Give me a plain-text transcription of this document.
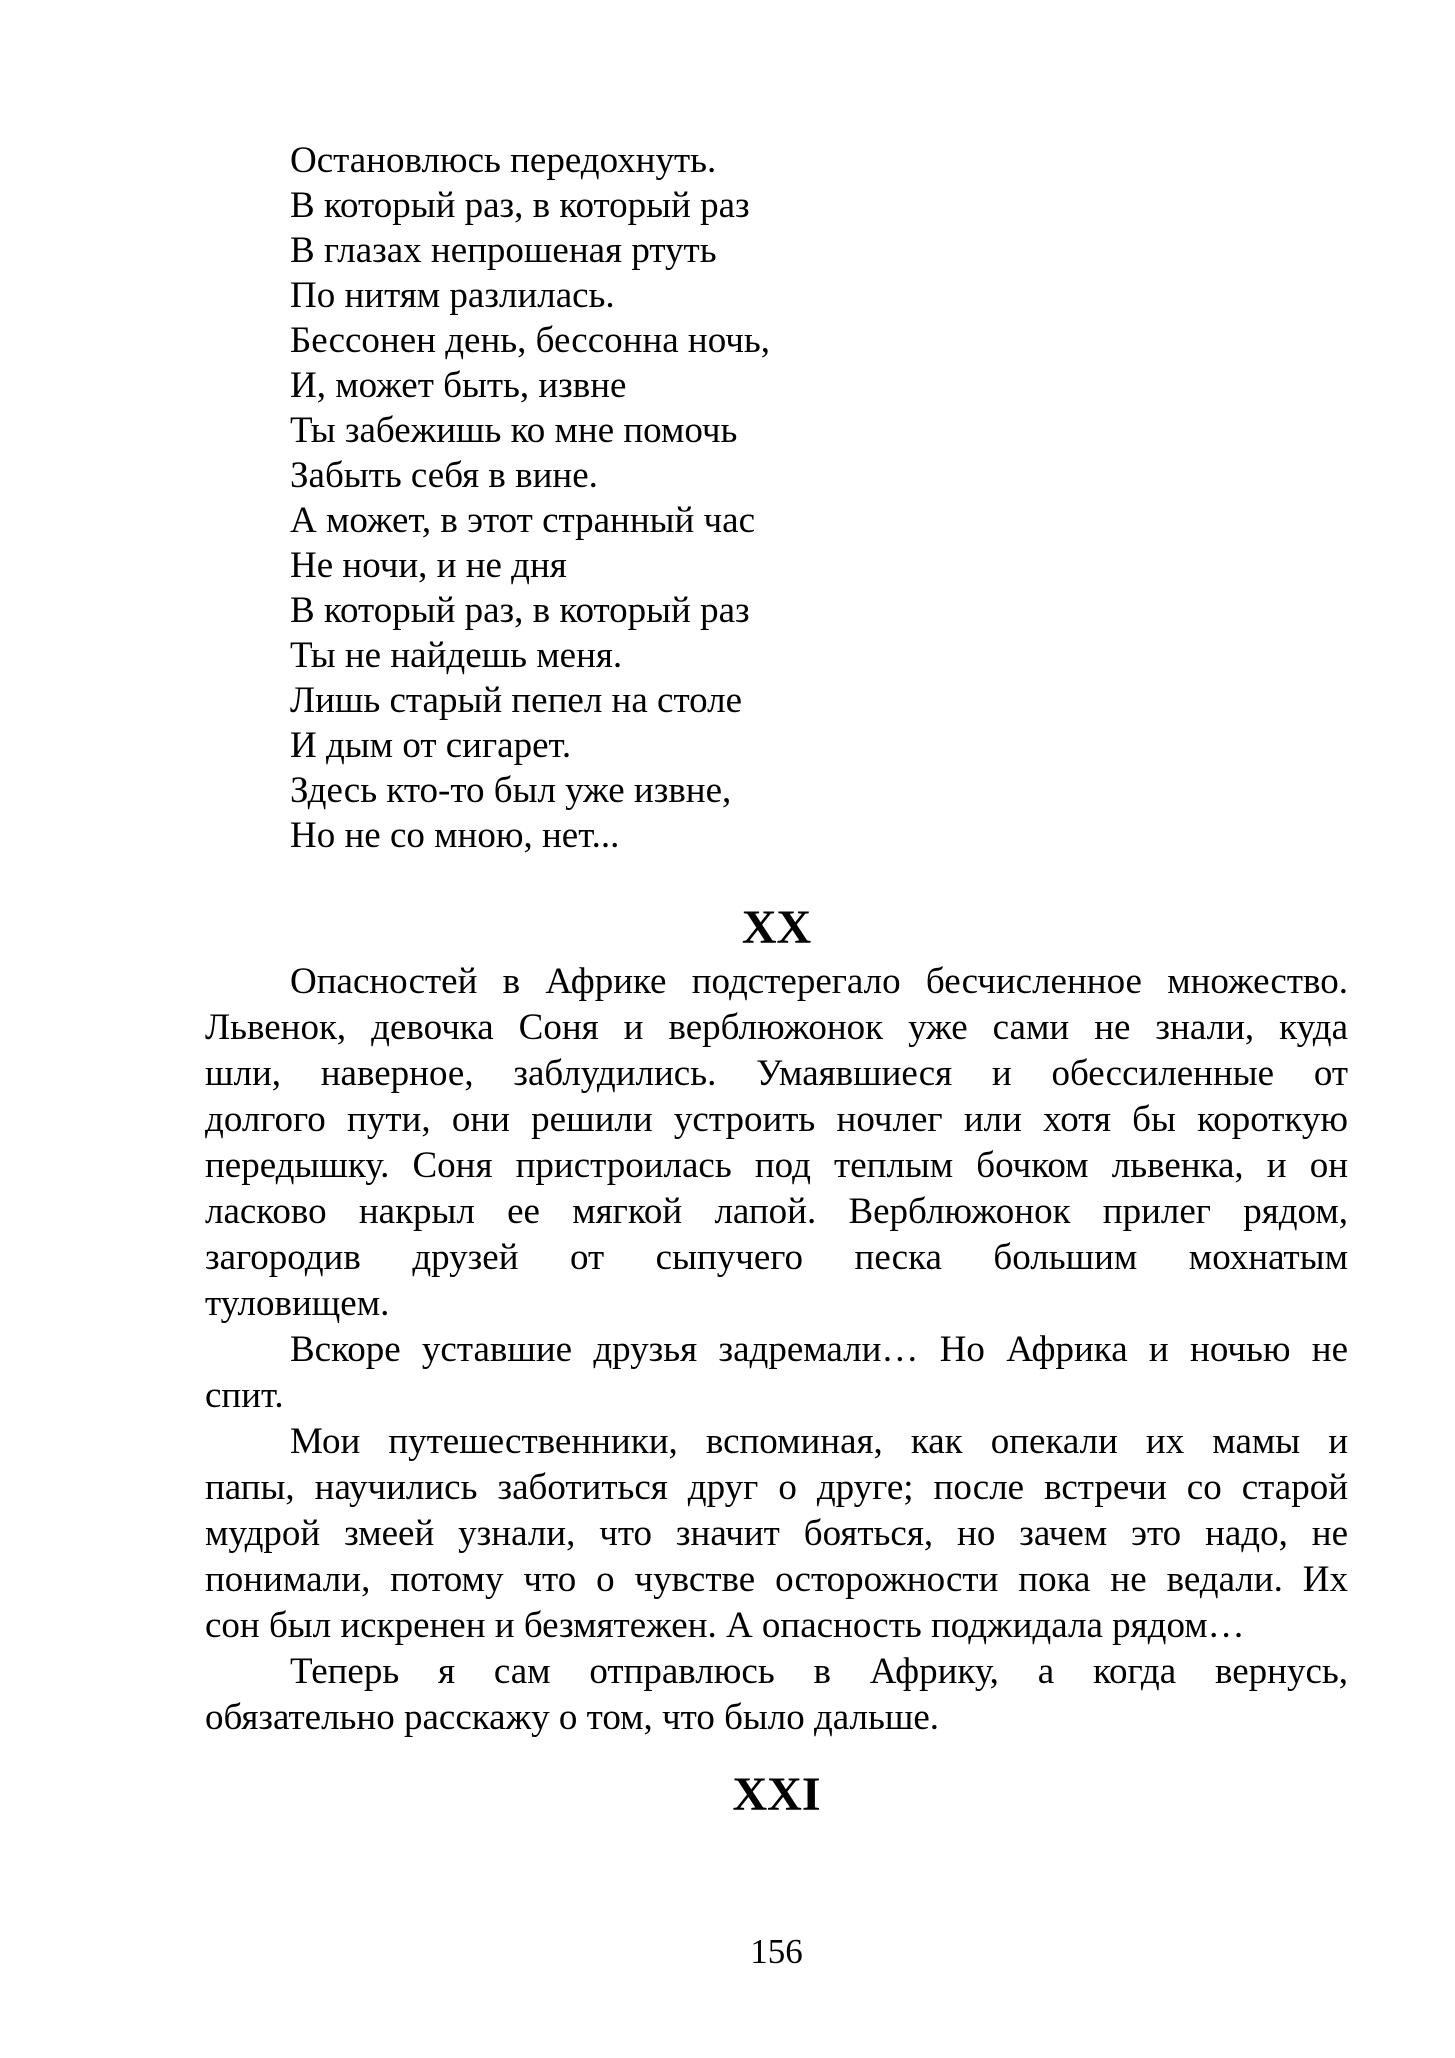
Остановлюсь передохнуть.
В который раз, в который раз
В глазах непрошеная ртуть
По нитям разлилась.
Бессонен день, бессонна ночь,
И, может быть, извне
Ты забежишь ко мне помочь
Забыть себя в вине.
А может, в этот странный час
Не ночи, и не дня
В который раз, в который раз
Ты не найдешь меня.
Лишь старый пепел на столе
И дым от сигарет.
Здесь кто-то был уже извне,
Но не со мною, нет...
XX
Опасностей в Африке подстерегало бесчисленное множество.
Львенок, девочка Соня и верблюжонок уже сами не знали, куда
шли, наверное, заблудились. Умаявшиеся и обессиленные от
долгого пути, они решили устроить ночлег или хотя бы короткую
передышку. Соня пристроилась под теплым бочком львенка, и он
ласково накрыл ее мягкой лапой. Верблюжонок прилег рядом,
загородив друзей от сыпучего песка большим мохнатым
туловищем.
Вскоре уставшие друзья задремали… Но Африка и ночью не
спит.
Мои путешественники, вспоминая, как опекали их мамы и
папы, научились заботиться друг о друге; после встречи со старой
мудрой змеей узнали, что значит бояться, но зачем это надо, не
понимали, потому что о чувстве осторожности пока не ведали. Их
сон был искренен и безмятежен. А опасность поджидала рядом…
Теперь я сам отправлюсь в Африку, а когда вернусь,
обязательно расскажу о том, что было дальше.
XXI
156
